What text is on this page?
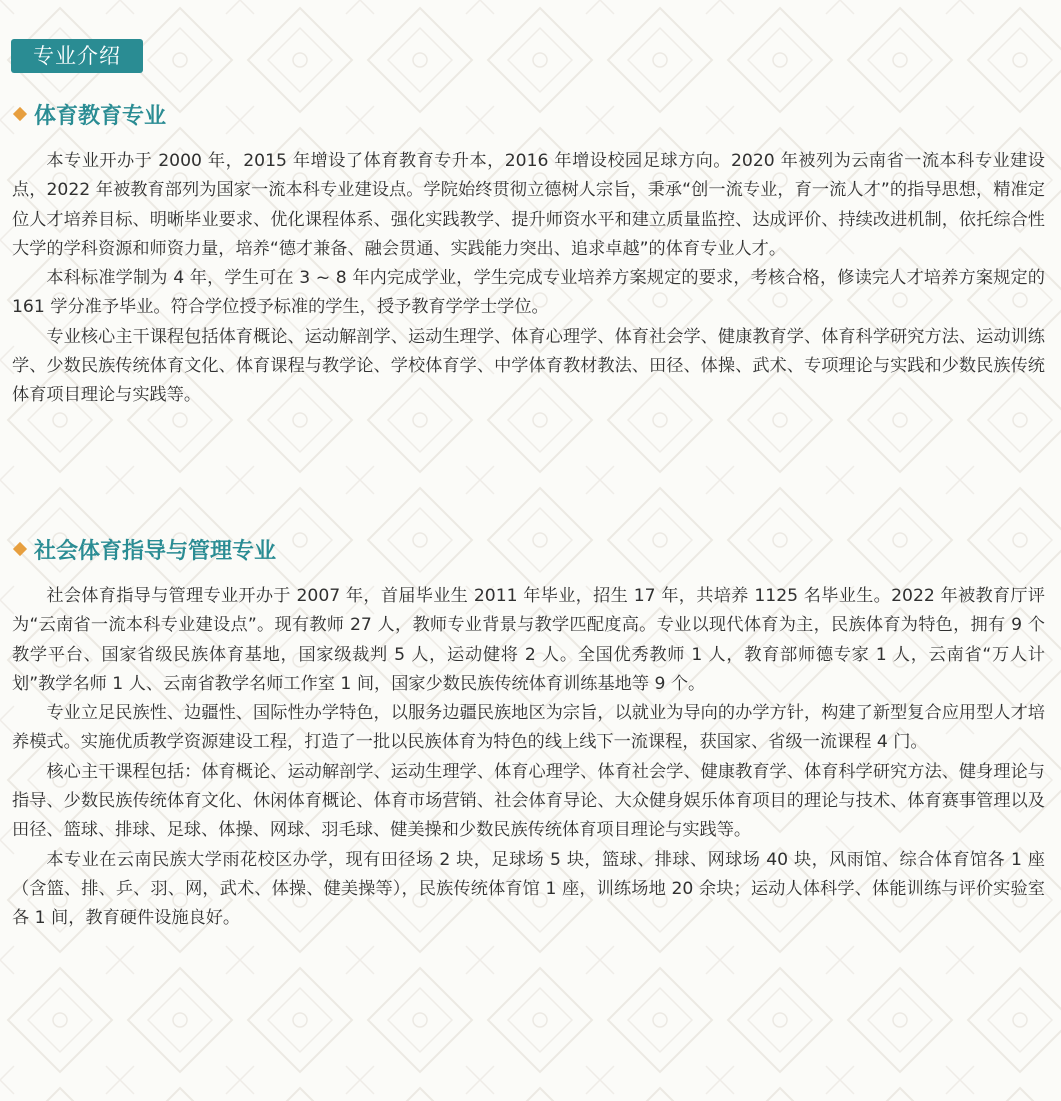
专业介绍
体育教育专业

本专业开办于 2000 年，2015 年增设了体育教育专升本，2016 年增设校园足球方向。2020 年被列为云南省一流本科专业建设点，2022 年被教育部列为国家一流本科专业建设点。学院始终贯彻立德树人宗旨，秉承“创一流专业，育一流人才”的指导思想，精准定位人才培养目标、明晰毕业要求、优化课程体系、强化实践教学、提升师资水平和建立质量监控、达成评价、持续改进机制，依托综合性大学的学科资源和师资力量，培养“德才兼备、融会贯通、实践能力突出、追求卓越”的体育专业人才。

本科标准学制为 4 年，学生可在 3 ~ 8 年内完成学业，学生完成专业培养方案规定的要求，考核合格，修读完人才培养方案规定的 161 学分准予毕业。符合学位授予标准的学生，授予教育学学士学位。

专业核心主干课程包括体育概论、运动解剖学、运动生理学、体育心理学、体育社会学、健康教育学、体育科学研究方法、运动训练学、少数民族传统体育文化、体育课程与教学论、学校体育学、中学体育教材教法、田径、体操、武术、专项理论与实践和少数民族传统体育项目理论与实践等。

社会体育指导与管理专业

社会体育指导与管理专业开办于 2007 年，首届毕业生 2011 年毕业，招生 17 年，共培养 1125 名毕业生。2022 年被教育厅评为“云南省一流本科专业建设点”。现有教师 27 人，教师专业背景与教学匹配度高。专业以现代体育为主，民族体育为特色，拥有 9 个教学平台、国家省级民族体育基地，国家级裁判 5 人，运动健将 2 人。全国优秀教师 1 人，教育部师德专家 1 人，云南省“万人计划”教学名师 1 人、云南省教学名师工作室 1 间，国家少数民族传统体育训练基地等 9 个。

专业立足民族性、边疆性、国际性办学特色，以服务边疆民族地区为宗旨，以就业为导向的办学方针，构建了新型复合应用型人才培养模式。实施优质教学资源建设工程，打造了一批以民族体育为特色的线上线下一流课程，获国家、省级一流课程 4 门。

核心主干课程包括：体育概论、运动解剖学、运动生理学、体育心理学、体育社会学、健康教育学、体育科学研究方法、健身理论与指导、少数民族传统体育文化、休闲体育概论、体育市场营销、社会体育导论、大众健身娱乐体育项目的理论与技术、体育赛事管理以及田径、篮球、排球、足球、体操、网球、羽毛球、健美操和少数民族传统体育项目理论与实践等。

本专业在云南民族大学雨花校区办学，现有田径场 2 块，足球场 5 块，篮球、排球、网球场 40 块，风雨馆、综合体育馆各 1 座（含篮、排、乒、羽、网，武术、体操、健美操等），民族传统体育馆 1 座，训练场地 20 余块；运动人体科学、体能训练与评价实验室各 1 间，教育硬件设施良好。
